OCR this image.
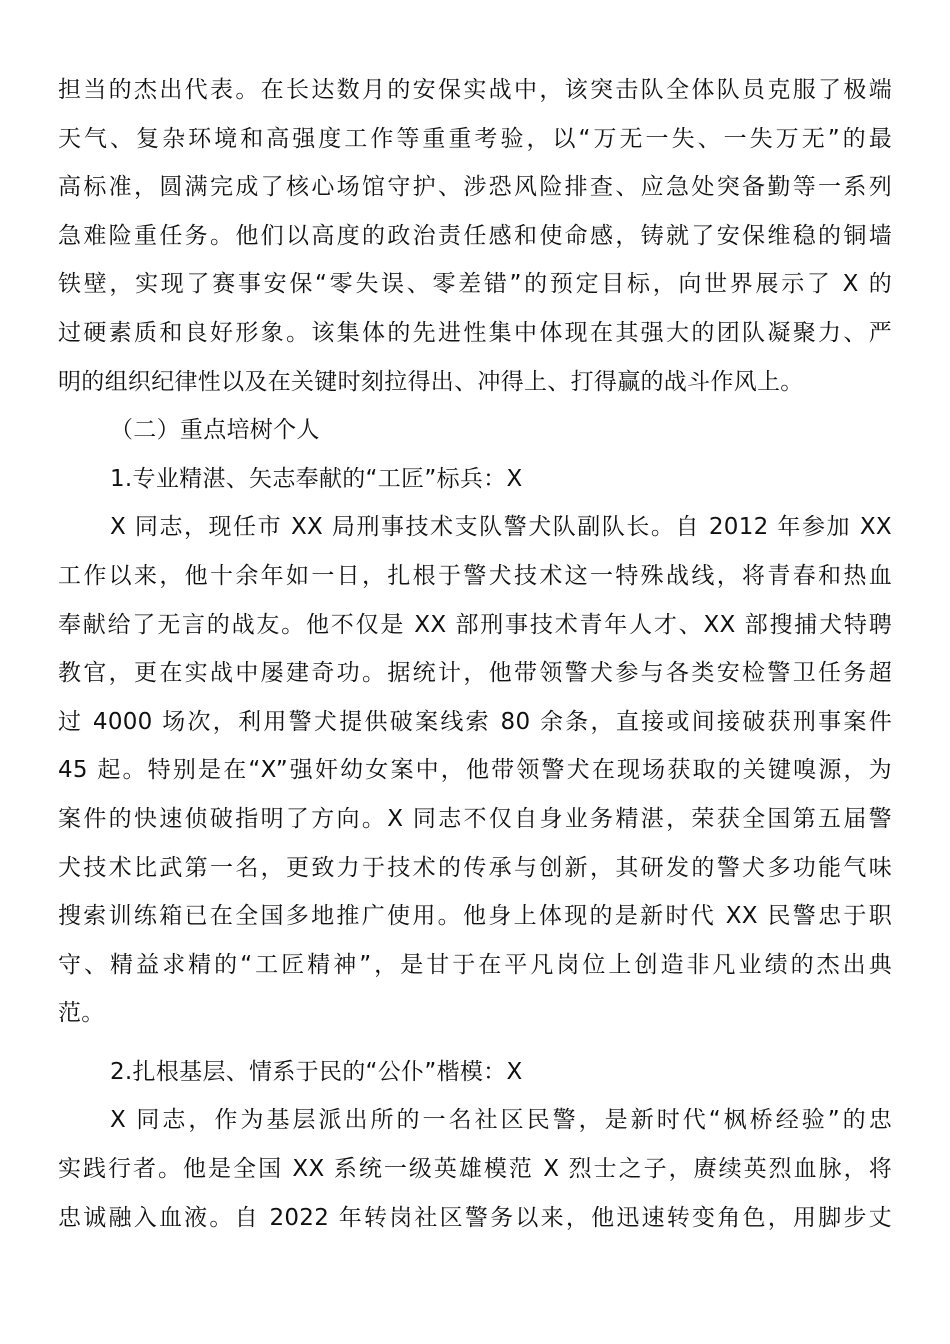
担当的杰出代表。在长达数月的安保实战中，该突击队全体队员克服了极端
天气、复杂环境和高强度工作等重重考验，以“万无一失、一失万无”的最
高标准，圆满完成了核心场馆守护、涉恐风险排查、应急处突备勤等一系列
急难险重任务。他们以高度的政治责任感和使命感，铸就了安保维稳的铜墙
铁壁，实现了赛事安保“零失误、零差错”的预定目标，向世界展示了 X 的
过硬素质和良好形象。该集体的先进性集中体现在其强大的团队凝聚力、严
明的组织纪律性以及在关键时刻拉得出、冲得上、打得赢的战斗作风上。
（二）重点培树个人
1.专业精湛、矢志奉献的“工匠”标兵：X
X 同志，现任市 XX 局刑事技术支队警犬队副队长。自 2012 年参加 XX
工作以来，他十余年如一日，扎根于警犬技术这一特殊战线，将青春和热血
奉献给了无言的战友。他不仅是 XX 部刑事技术青年人才、XX 部搜捕犬特聘
教官，更在实战中屡建奇功。据统计，他带领警犬参与各类安检警卫任务超
过 4000 场次，利用警犬提供破案线索 80 余条，直接或间接破获刑事案件
45 起。特别是在“X”强奸幼女案中，他带领警犬在现场获取的关键嗅源，为
案件的快速侦破指明了方向。X 同志不仅自身业务精湛，荣获全国第五届警
犬技术比武第一名，更致力于技术的传承与创新，其研发的警犬多功能气味
搜索训练箱已在全国多地推广使用。他身上体现的是新时代 XX 民警忠于职
守、精益求精的“工匠精神”，是甘于在平凡岗位上创造非凡业绩的杰出典
范。
2.扎根基层、情系于民的“公仆”楷模：X
X 同志，作为基层派出所的一名社区民警，是新时代“枫桥经验”的忠
实践行者。他是全国 XX 系统一级英雄模范 X 烈士之子，赓续英烈血脉，将
忠诚融入血液。自 2022 年转岗社区警务以来，他迅速转变角色，用脚步丈
